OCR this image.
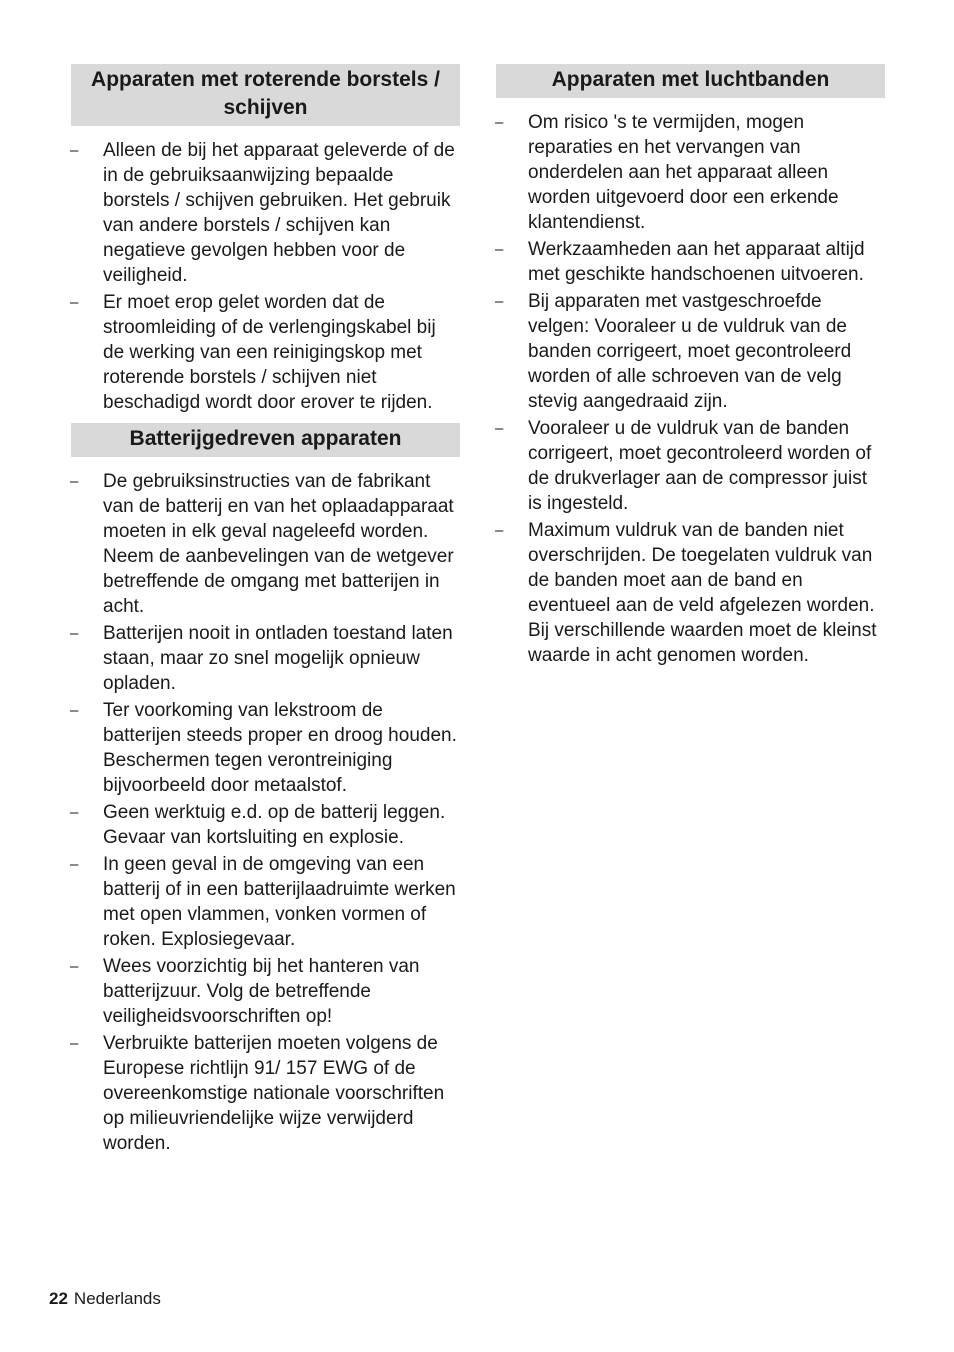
Apparaten met roterende borstels / schijven
– Alleen de bij het apparaat geleverde of de in de gebruiksaanwijzing bepaalde borstels / schijven gebruiken. Het gebruik van andere borstels / schijven kan negatieve gevolgen hebben voor de veiligheid.
– Er moet erop gelet worden dat de stroomleiding of de verlengingskabel bij de werking van een reinigingskop met roterende borstels / schijven niet beschadigd wordt door erover te rijden.
Batterijgedreven apparaten
– De gebruiksinstructies van de fabrikant van de batterij en van het oplaadapparaat moeten in elk geval nageleefd worden. Neem de aanbevelingen van de wetgever betreffende de omgang met batterijen in acht.
– Batterijen nooit in ontladen toestand laten staan, maar zo snel mogelijk opnieuw opladen.
– Ter voorkoming van lekstroom de batterijen steeds proper en droog houden. Beschermen tegen verontreiniging bijvoorbeeld door metaalstof.
– Geen werktuig e.d. op de batterij leggen. Gevaar van kortsluiting en explosie.
– In geen geval in de omgeving van een batterij of in een batterijlaadruimte werken met open vlammen, vonken vormen of roken. Explosiegevaar.
– Wees voorzichtig bij het hanteren van batterijzuur. Volg de betreffende veiligheidsvoorschriften op!
– Verbruikte batterijen moeten volgens de Europese richtlijn 91/ 157 EWG of de overeenkomstige nationale voorschriften op milieuvriendelijke wijze verwijderd worden.
Apparaten met luchtbanden
– Om risico 's te vermijden, mogen reparaties en het vervangen van onderdelen aan het apparaat alleen worden uitgevoerd door een erkende klantendienst.
– Werkzaamheden aan het apparaat altijd met geschikte handschoenen uitvoeren.
– Bij apparaten met vastgeschroefde velgen: Vooraleer u de vuldruk van de banden corrigeert, moet gecontroleerd worden of alle schroeven van de velg stevig aangedraaid zijn.
– Vooraleer u de vuldruk van de banden corrigeert, moet gecontroleerd worden of de drukverlager aan de compressor juist is ingesteld.
– Maximum vuldruk van de banden niet overschrijden. De toegelaten vuldruk van de banden moet aan de band en eventueel aan de veld afgelezen worden. Bij verschillende waarden moet de kleinst waarde in acht genomen worden.
22 Nederlands
